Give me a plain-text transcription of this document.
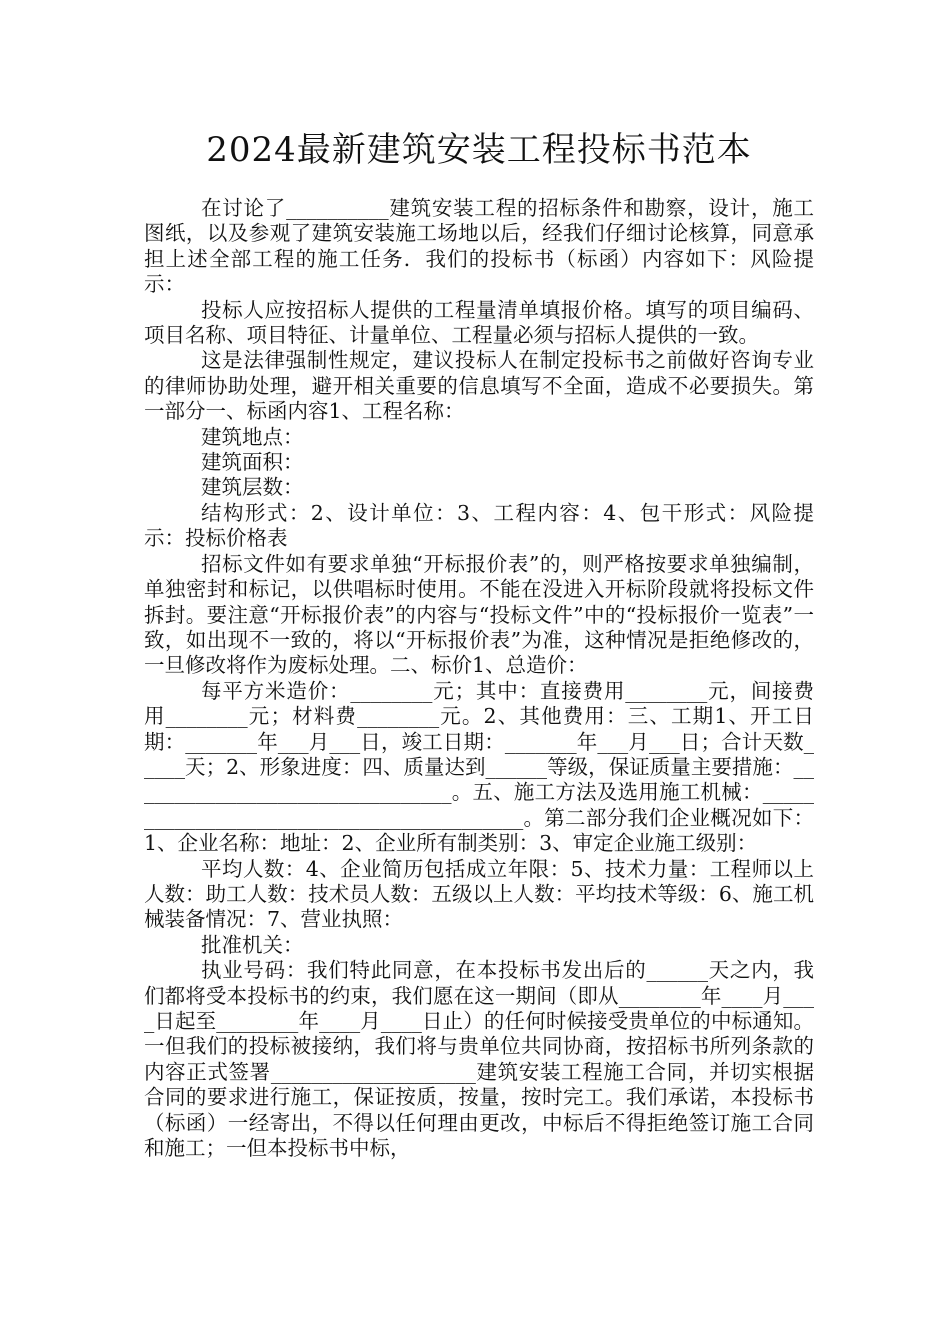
2024最新建筑安装工程投标书范本

在讨论了__________建筑安装工程的招标条件和勘察，设计，施工图纸，以及参观了建筑安装施工场地以后，经我们仔细讨论核算，同意承担上述全部工程的施工任务．我们的投标书（标函）内容如下：风险提示：

投标人应按招标人提供的工程量清单填报价格。填写的项目编码、项目名称、项目特征、计量单位、工程量必须与招标人提供的一致。

这是法律强制性规定，建议投标人在制定投标书之前做好咨询专业的律师协助处理，避开相关重要的信息填写不全面，造成不必要损失。第一部分一、标函内容1、工程名称：

建筑地点：

建筑面积：

建筑层数：

结构形式：2、设计单位：3、工程内容：4、包干形式：风险提示：投标价格表

招标文件如有要求单独“开标报价表”的，则严格按要求单独编制，单独密封和标记，以供唱标时使用。不能在没进入开标阶段就将投标文件拆封。要注意“开标报价表”的内容与“投标文件”中的“投标报价一览表”一致，如出现不一致的，将以“开标报价表”为准，这种情况是拒绝修改的，一旦修改将作为废标处理。二、标价1、总造价：

每平方米造价：________元；其中：直接费用________元，间接费用________元；材料费________元。2、其他费用：三、工期1、开工日期：_______年___月___日，竣工日期：_______年___月___日；合计天数_____天；2、形象进度：四、质量达到______等级，保证质量主要措施：________________________________。五、施工方法及选用施工机械：__________________________________________。第二部分我们企业概况如下：1、企业名称：地址：2、企业所有制类别：3、审定企业施工级别：

平均人数：4、企业简历包括成立年限：5、技术力量：工程师以上人数：助工人数：技术员人数：五级以上人数：平均技术等级：6、施工机械装备情况：7、营业执照：

批准机关：

执业号码：我们特此同意，在本投标书发出后的______天之内，我们都将受本投标书的约束，我们愿在这一期间（即从________年____月____日起至________年____月____日止）的任何时候接受贵单位的中标通知。一但我们的投标被接纳，我们将与贵单位共同协商，按招标书所列条款的内容正式签署____________________建筑安装工程施工合同，并切实根据合同的要求进行施工，保证按质，按量，按时完工。我们承诺，本投标书（标函）一经寄出，不得以任何理由更改，中标后不得拒绝签订施工合同和施工；一但本投标书中标，
